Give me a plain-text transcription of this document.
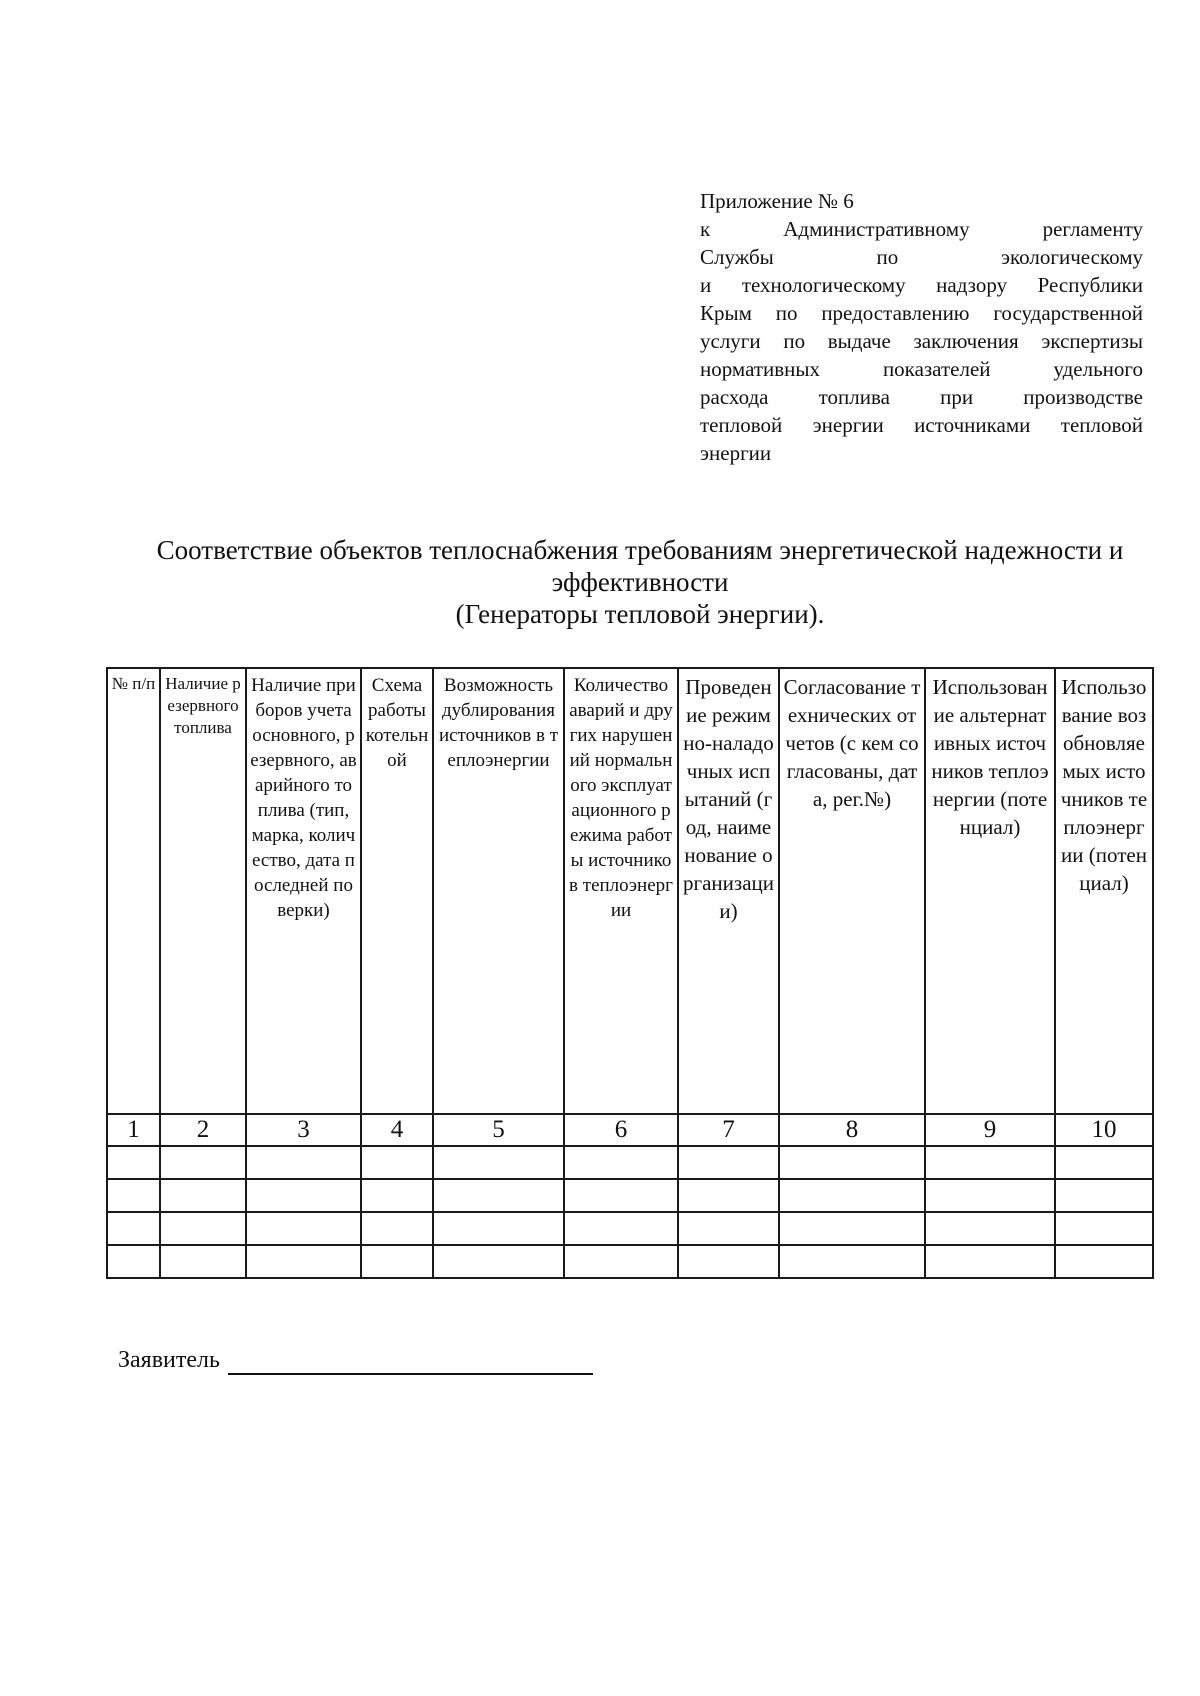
Приложение № 6
к Административному регламенту
Службы по экологическому
и технологическому надзору Республики
Крым по предоставлению государственной
услуги по выдаче заключения экспертизы
нормативных показателей удельного
расхода топлива при производстве
тепловой энергии источниками тепловой
энергии
Соответствие объектов теплоснабжения требованиям энергетической надежности и
эффективности
(Генераторы тепловой энергии).
№ п/п	Наличие резервного топлива	Наличие приборов учета основного, резервного, аварийного топлива (тип, марка, количество, дата последней поверки)	Схема работы котельной	Возможность дублирования источников в теплоэнергии	Количество аварий и других нарушений нормального эксплуатационного режима работы источников теплоэнергии	Проведение режимно-наладочных испытаний (год, наименование организации)	Согласование технических отчетов (с кем согласованы, дата, рег.№)	Использование альтернативных источников теплоэнергии (потенциал)	Использование возобновляемых источников теплоэнергии (потенциал)

1	2	3	4	5	6	7	8	9	10

Заявитель
